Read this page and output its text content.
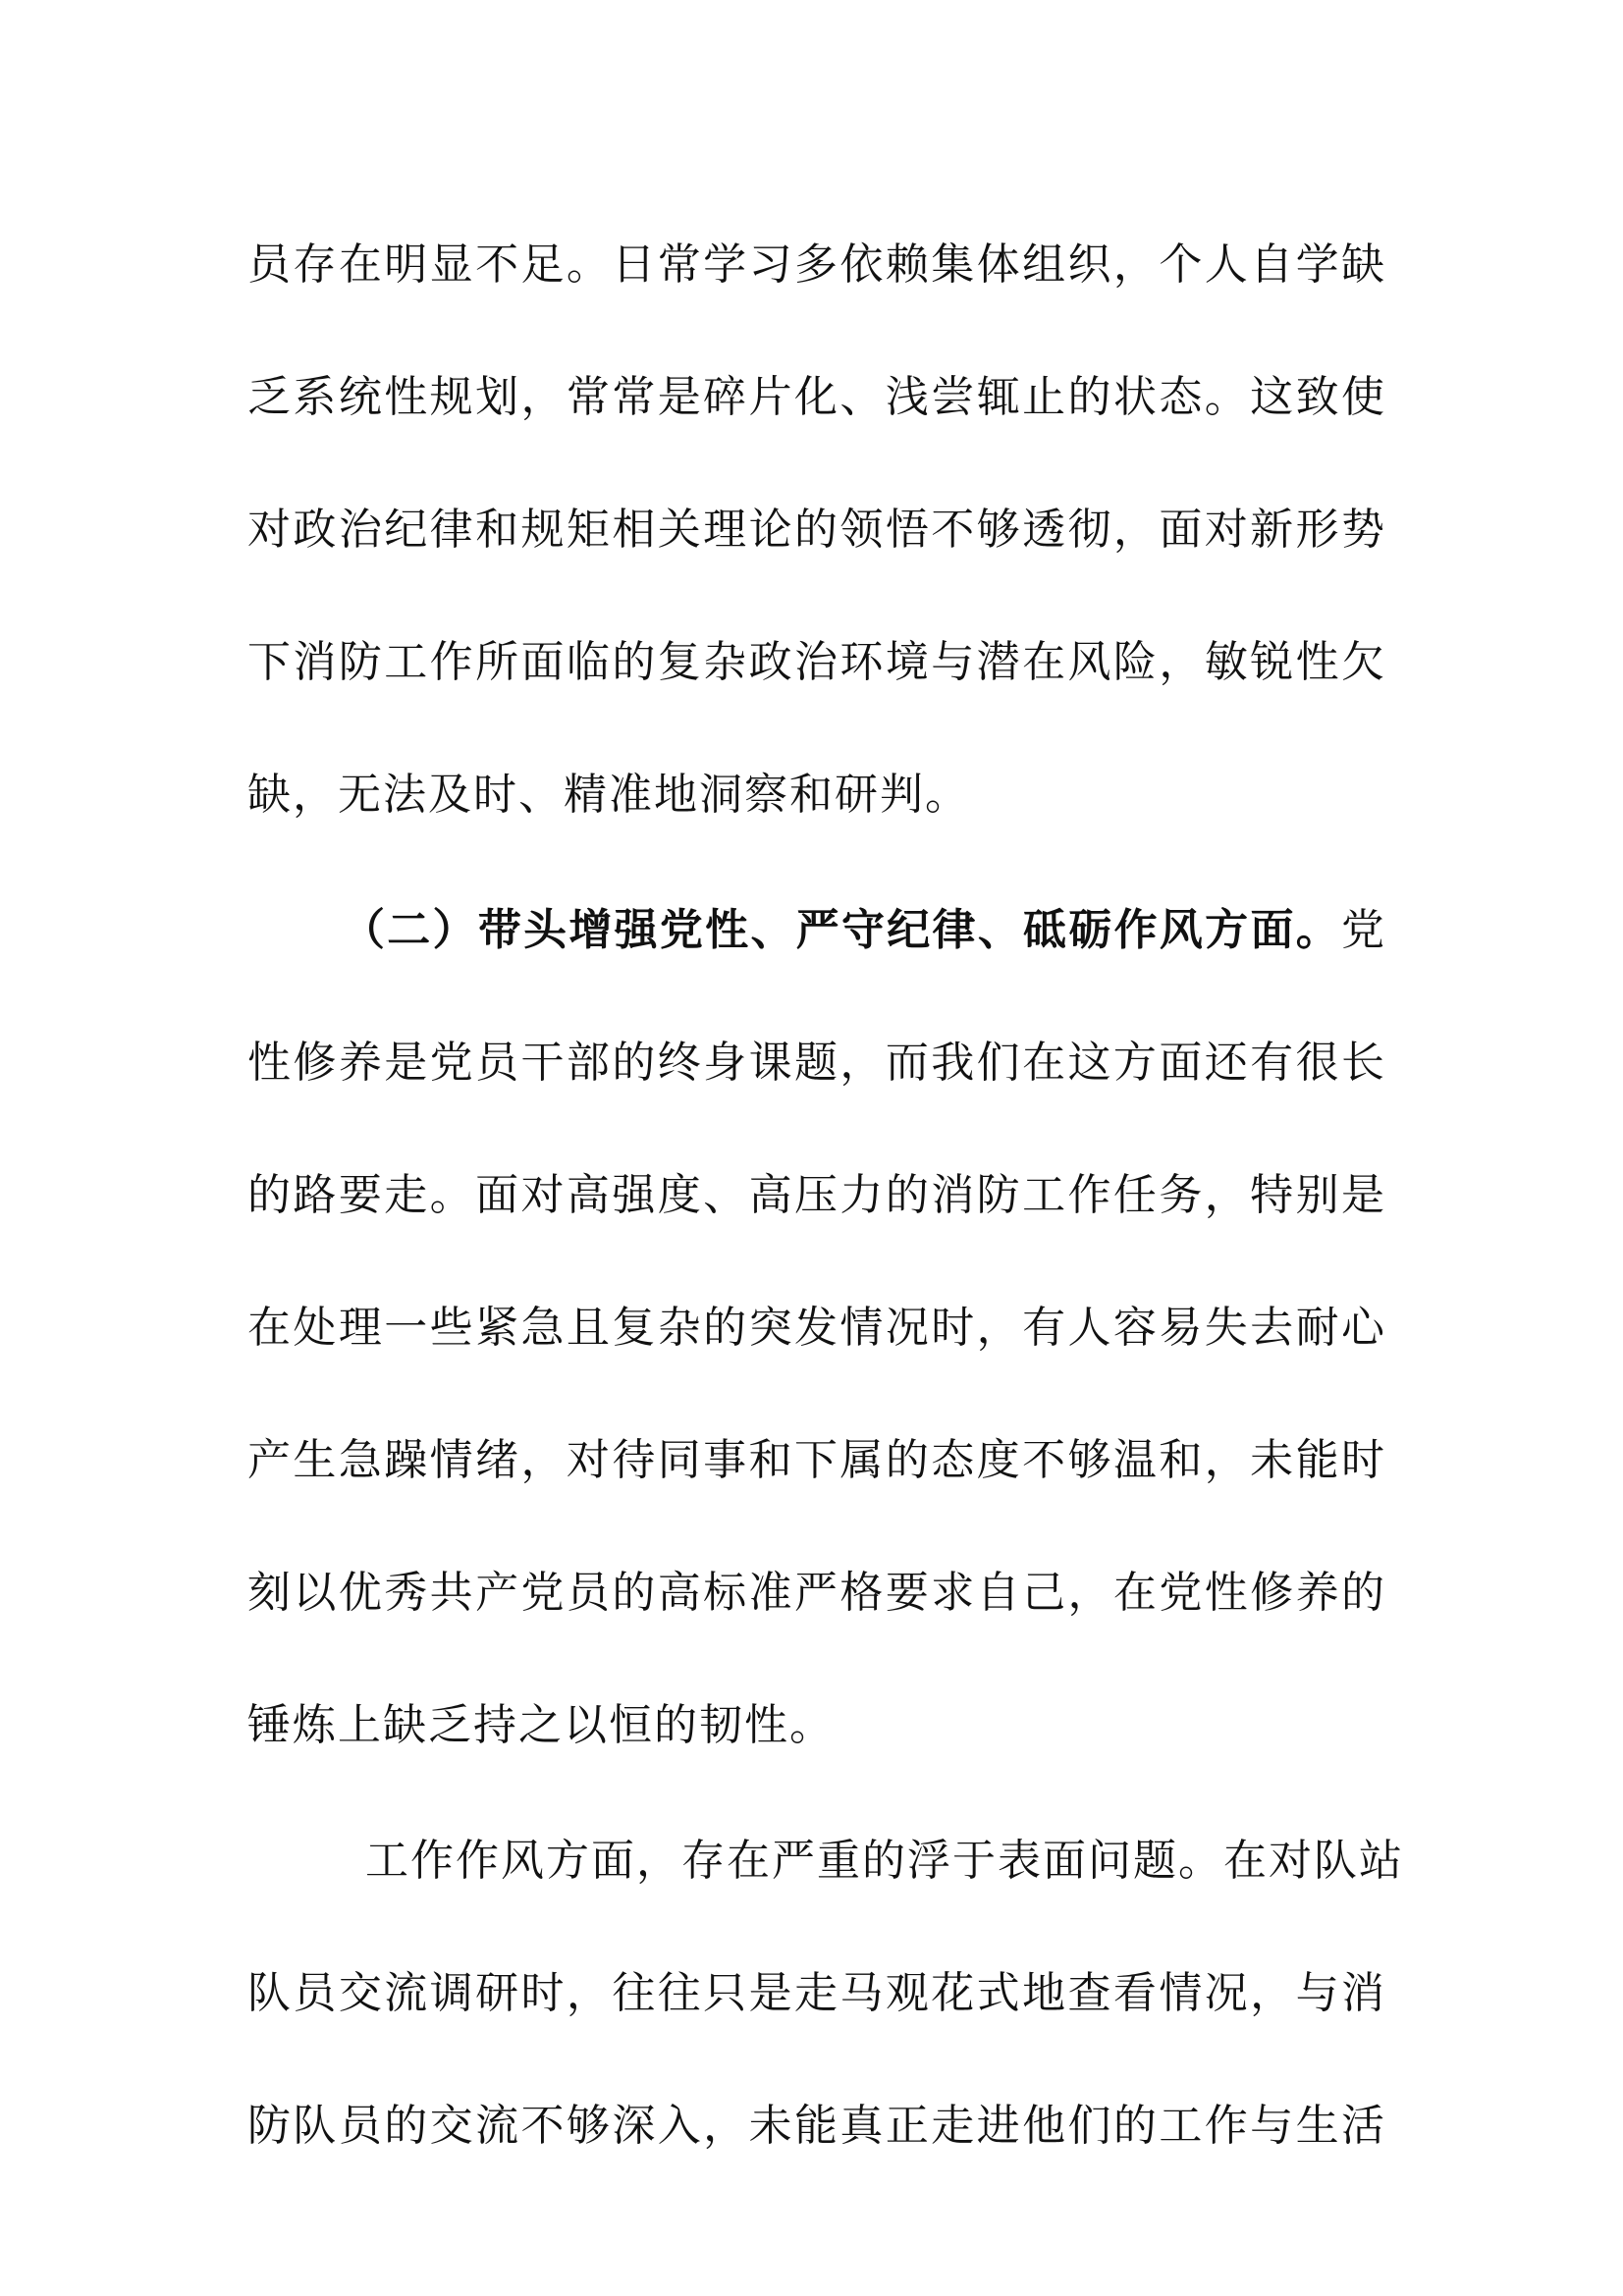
员存在明显不足。日常学习多依赖集体组织，个人自学缺
乏系统性规划，常常是碎片化、浅尝辄止的状态。这致使
对政治纪律和规矩相关理论的领悟不够透彻，面对新形势
下消防工作所面临的复杂政治环境与潜在风险，敏锐性欠
缺，无法及时、精准地洞察和研判。
（二）带头增强党性、严守纪律、砥砺作风方面。党
性修养是党员干部的终身课题，而我们在这方面还有很长
的路要走。面对高强度、高压力的消防工作任务，特别是
在处理一些紧急且复杂的突发情况时，有人容易失去耐心
产生急躁情绪，对待同事和下属的态度不够温和，未能时
刻以优秀共产党员的高标准严格要求自己，在党性修养的
锤炼上缺乏持之以恒的韧性。
工作作风方面，存在严重的浮于表面问题。在对队站
队员交流调研时，往往只是走马观花式地查看情况，与消
防队员的交流不够深入，未能真正走进他们的工作与生活
